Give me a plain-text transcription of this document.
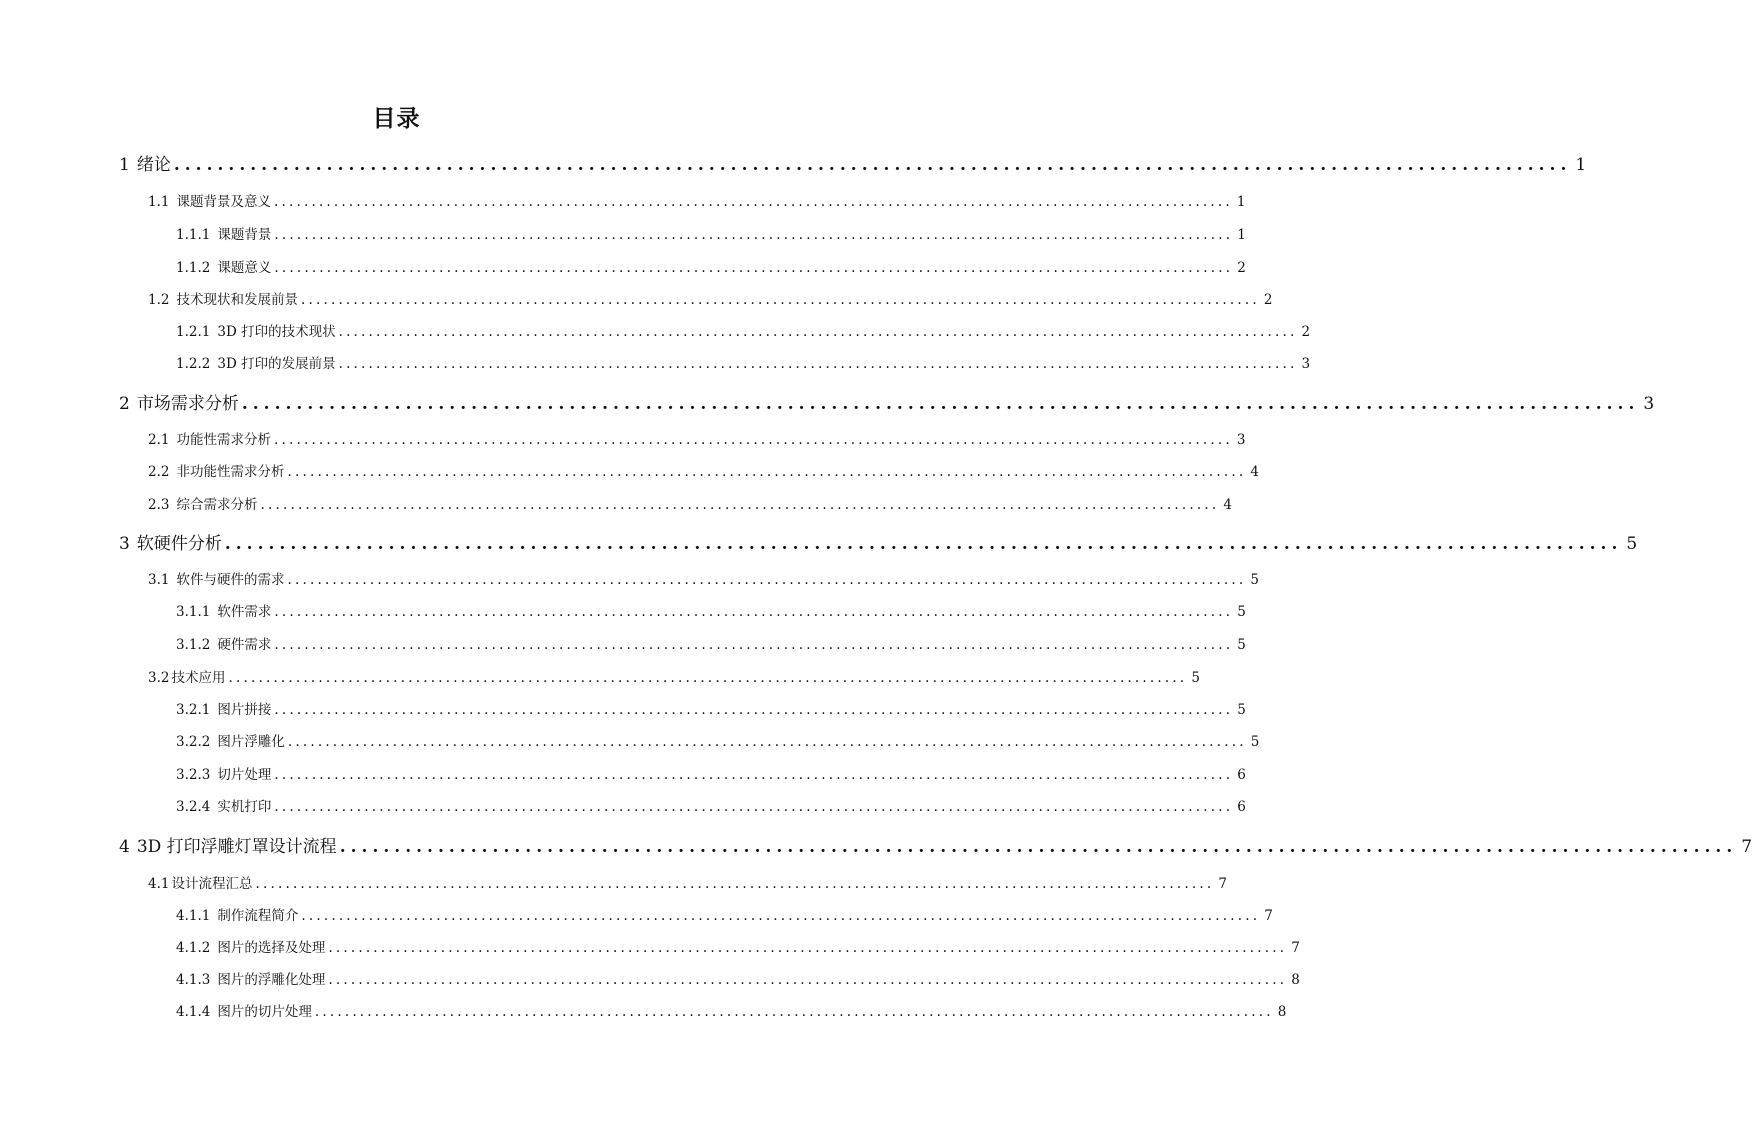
目录
1 绪论 ................................................................................................................................ 1
1.1 课题背景及意义 ................................................................................................................................ 1
1.1.1 课题背景 ................................................................................................................................ 1
1.1.2 课题意义 ................................................................................................................................ 2
1.2 技术现状和发展前景 ................................................................................................................................ 2
1.2.1 3D 打印的技术现状 ................................................................................................................................ 2
1.2.2 3D 打印的发展前景 ................................................................................................................................ 3
2 市场需求分析 ................................................................................................................................ 3
2.1 功能性需求分析 ................................................................................................................................ 3
2.2 非功能性需求分析 ................................................................................................................................ 4
2.3 综合需求分析 ................................................................................................................................ 4
3 软硬件分析 ................................................................................................................................ 5
3.1 软件与硬件的需求 ................................................................................................................................ 5
3.1.1 软件需求 ................................................................................................................................ 5
3.1.2 硬件需求 ................................................................................................................................ 5
3.2 技术应用 ................................................................................................................................ 5
3.2.1 图片拼接 ................................................................................................................................ 5
3.2.2 图片浮雕化 ................................................................................................................................ 5
3.2.3 切片处理 ................................................................................................................................ 6
3.2.4 实机打印 ................................................................................................................................ 6
4 3D 打印浮雕灯罩设计流程 ................................................................................................................................ 7
4.1 设计流程汇总 ................................................................................................................................ 7
4.1.1 制作流程简介 ................................................................................................................................ 7
4.1.2 图片的选择及处理 ................................................................................................................................ 7
4.1.3 图片的浮雕化处理 ................................................................................................................................ 8
4.1.4 图片的切片处理 ................................................................................................................................ 8
